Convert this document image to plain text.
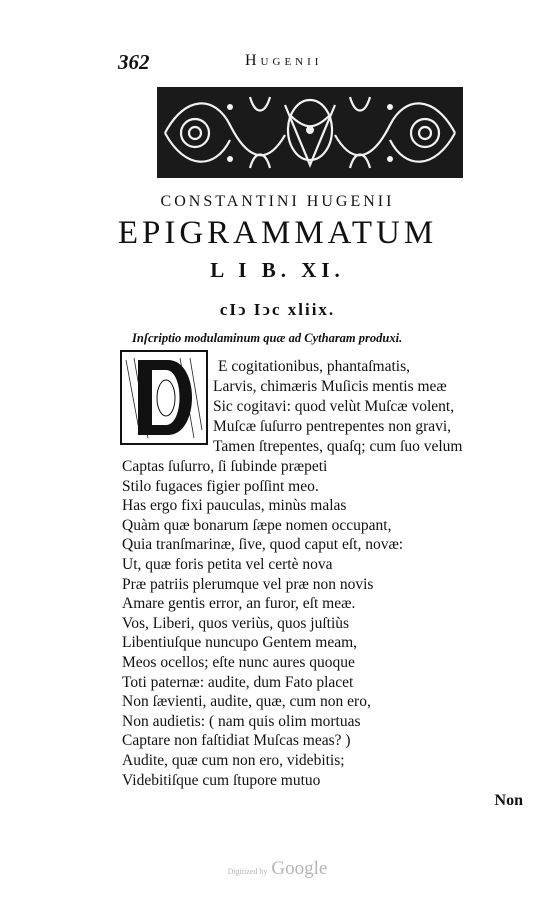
362	Hugenii
CONSTANTINI HUGENII
EPIGRAMMATUM
L I B. XI.
cIↄ Iↄc xliix.
Inſcriptio modulaminum quæ ad Cytharam produxi.
E cogitationibus, phantaſmatis,
Larvis, chimæris Muſicis mentis meæ
Sic cogitavi: quod velùt Muſcæ volent,
Muſcæ ſuſurro pentrepentes non gravi,
Tamen ſtrepentes, quaſq; cum ſuo velum
Captas ſuſurro, ſi ſubinde præpeti
Stilo fugaces figier poſſint meo.
Has ergo fixi pauculas, minùs malas
Quàm quæ bonarum ſæpe nomen occupant,
Quia tranſmarinæ, ſive, quod caput eſt, novæ:
Ut, quæ foris petita vel certè nova
Præ patriis plerumque vel præ non novis
Amare gentis error, an furor, eſt meæ.
Vos, Liberi, quos veriùs, quos juſtiùs
Libentiuſque nuncupo Gentem meam,
Meos ocellos; eſte nunc aures quoque
Toti paternæ: audite, dum Fato placet
Non ſævienti, audite, quæ, cum non ero,
Non audietis: ( nam quis olim mortuas
Captare non faſtidiat Muſcas meas? )
Audite, quæ cum non ero, videbitis;
Videbitiſque cum ſtupore mutuo
Non
Digitized by Google
